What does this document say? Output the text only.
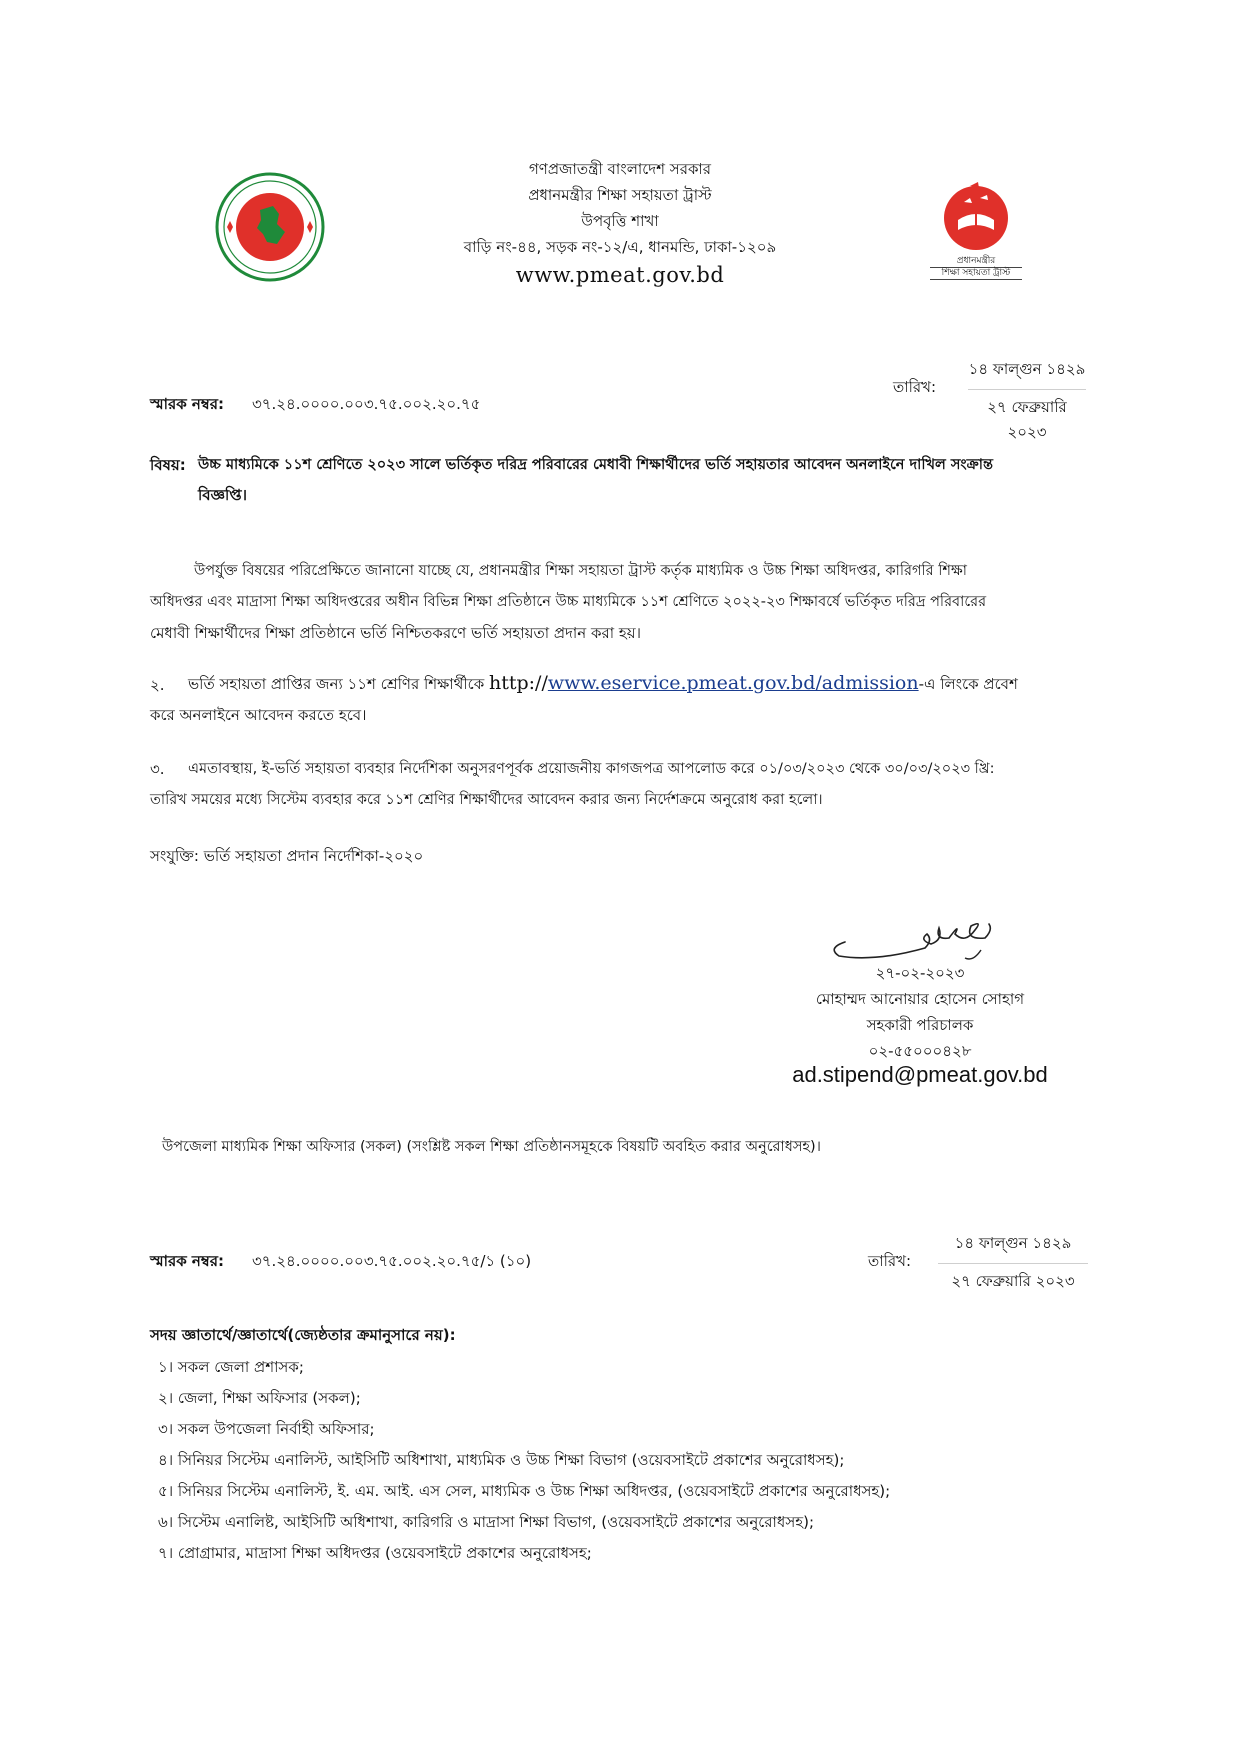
গণপ্রজাতন্ত্রী বাংলাদেশ সরকার
প্রধানমন্ত্রীর শিক্ষা সহায়তা ট্রাস্ট
উপবৃত্তি শাখা
বাড়ি নং-৪৪, সড়ক নং-১২/এ, ধানমন্ডি, ঢাকা-১২০৯
www.pmeat.gov.bd
প্রধানমন্ত্রীর
শিক্ষা সহায়তা ট্রাস্ট
১৪ ফাল্গুন ১৪২৯
২৭ ফেব্রুয়ারি ২০২৩
তারিখ:
স্মারক নম্বর: ৩৭.২৪.০০০০.০০৩.৭৫.০০২.২০.৭৫
বিষয়: উচ্চ মাধ্যমিকে ১১শ শ্রেণিতে ২০২৩ সালে ভর্তিকৃত দরিদ্র পরিবারের মেধাবী শিক্ষার্থীদের ভর্তি সহায়তার আবেদন অনলাইনে দাখিল সংক্রান্ত
বিজ্ঞপ্তি।
উপর্যুক্ত বিষয়ের পরিপ্রেক্ষিতে জানানো যাচ্ছে যে, প্রধানমন্ত্রীর শিক্ষা সহায়তা ট্রাস্ট কর্তৃক মাধ্যমিক ও উচ্চ শিক্ষা অধিদপ্তর, কারিগরি শিক্ষা
অধিদপ্তর এবং মাদ্রাসা শিক্ষা অধিদপ্তরের অধীন বিভিন্ন শিক্ষা প্রতিষ্ঠানে উচ্চ মাধ্যমিকে ১১শ শ্রেণিতে ২০২২-২৩ শিক্ষাবর্ষে ভর্তিকৃত দরিদ্র পরিবারের
মেধাবী শিক্ষার্থীদের শিক্ষা প্রতিষ্ঠানে ভর্তি নিশ্চিতকরণে ভর্তি সহায়তা প্রদান করা হয়।
২. ভর্তি সহায়তা প্রাপ্তির জন্য ১১শ শ্রেণির শিক্ষার্থীকে http://www.eservice.pmeat.gov.bd/admission-এ লিংকে প্রবেশ
করে অনলাইনে আবেদন করতে হবে।
৩. এমতাবস্থায়, ই-ভর্তি সহায়তা ব্যবহার নির্দেশিকা অনুসরণপূর্বক প্রয়োজনীয় কাগজপত্র আপলোড করে ০১/০৩/২০২৩ থেকে ৩০/০৩/২০২৩ খ্রি:
তারিখ সময়ের মধ্যে সিস্টেম ব্যবহার করে ১১শ শ্রেণির শিক্ষার্থীদের আবেদন করার জন্য নির্দেশক্রমে অনুরোধ করা হলো।
সংযুক্তি: ভর্তি সহায়তা প্রদান নির্দেশিকা-২০২০
২৭-০২-২০২৩
মোহাম্মদ আনোয়ার হোসেন সোহাগ
সহকারী পরিচালক
০২-৫৫০০০৪২৮
ad.stipend@pmeat.gov.bd
উপজেলা মাধ্যমিক শিক্ষা অফিসার (সকল) (সংশ্লিষ্ট সকল শিক্ষা প্রতিষ্ঠানসমূহকে বিষয়টি অবহিত করার অনুরোধসহ)।
১৪ ফাল্গুন ১৪২৯
২৭ ফেব্রুয়ারি ২০২৩
তারিখ:
স্মারক নম্বর: ৩৭.২৪.০০০০.০০৩.৭৫.০০২.২০.৭৫/১ (১০)
সদয় জ্ঞাতার্থে/জ্ঞাতার্থে(জ্যেষ্ঠতার ক্রমানুসারে নয়):
১। সকল জেলা প্রশাসক;
২। জেলা, শিক্ষা অফিসার (সকল);
৩। সকল উপজেলা নির্বাহী অফিসার;
৪। সিনিয়র সিস্টেম এনালিস্ট, আইসিটি অধিশাখা, মাধ্যমিক ও উচ্চ শিক্ষা বিভাগ (ওয়েবসাইটে প্রকাশের অনুরোধসহ);
৫। সিনিয়র সিস্টেম এনালিস্ট, ই. এম. আই. এস সেল, মাধ্যমিক ও উচ্চ শিক্ষা অধিদপ্তর, (ওয়েবসাইটে প্রকাশের অনুরোধসহ);
৬। সিস্টেম এনালিষ্ট, আইসিটি অধিশাখা, কারিগরি ও মাদ্রাসা শিক্ষা বিভাগ, (ওয়েবসাইটে প্রকাশের অনুরোধসহ);
৭। প্রোগ্রামার, মাদ্রাসা শিক্ষা অধিদপ্তর (ওয়েবসাইটে প্রকাশের অনুরোধসহ;
